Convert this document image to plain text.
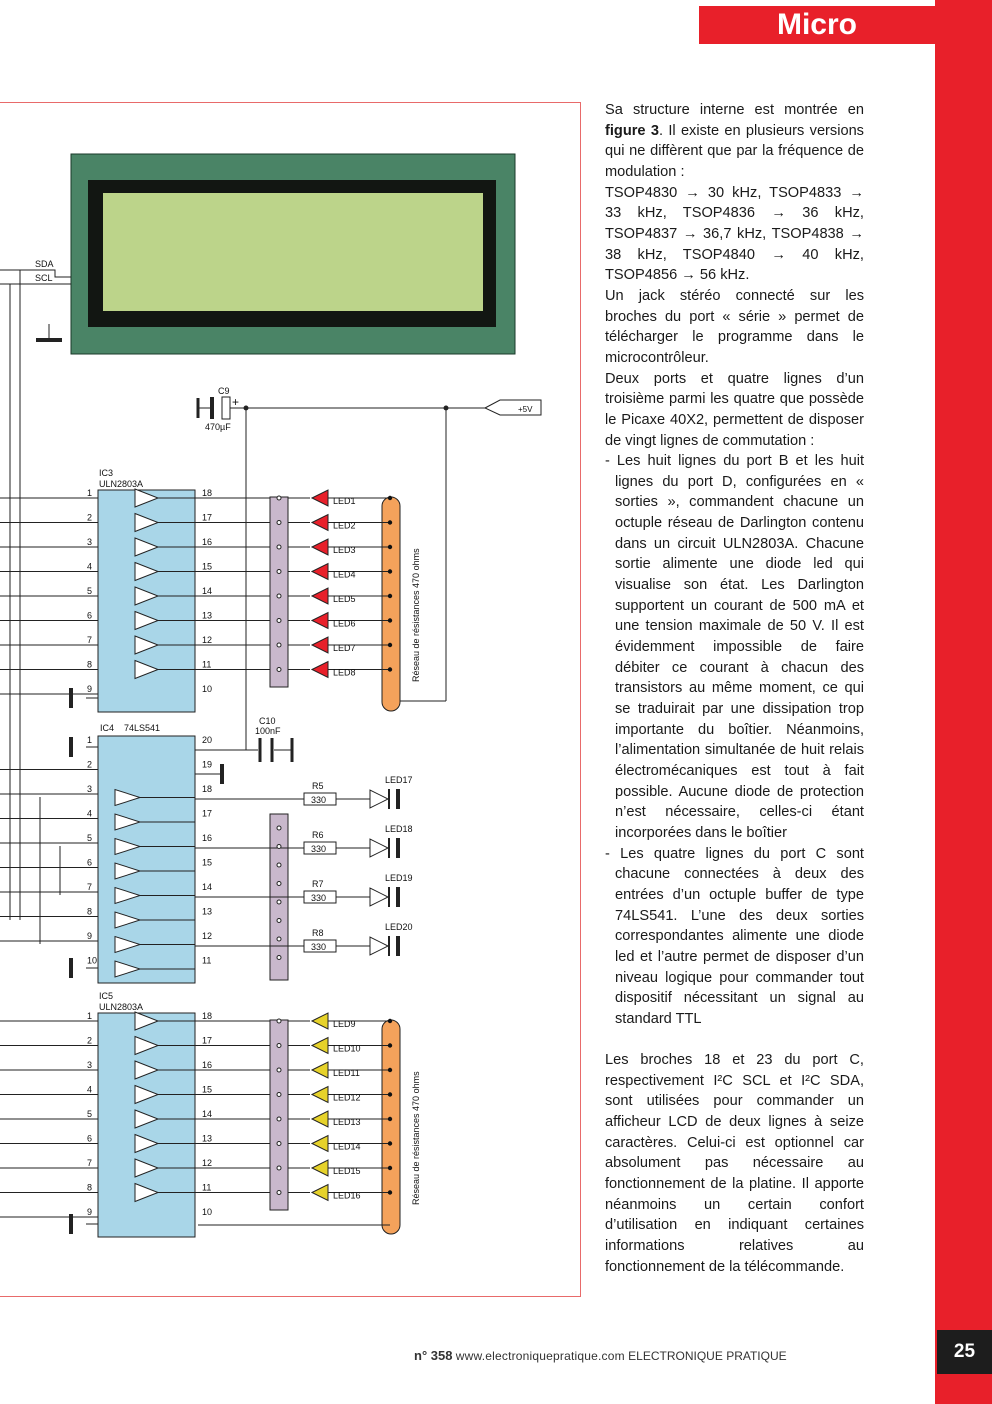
Micro
1	18
LED1
2	17
LED2
3	16
LED3
4	15
LED4
5	14
LED5
6	13
LED6
7	12
LED7
8	11
LED8
9	10
1	18
LED9
2	17
LED10
3	16
LED11
4	15
LED12
5	14
LED13
6	13
LED14
7	12
LED15
8	11
LED16
9	10
1	20
2	19
3	18
4	17
5	16
6	15
7	14
8	13
9	12
10	11
R5
330
LED17
R6
330
LED18
R7
330
LED19
R8
330
LED20
SDA
SCL
C9
+
470µF
+5V
IC3
ULN2803A
IC4 74LS541
IC5
ULN2803A
C10
100nF
Réseau de résistances 470 ohms
Réseau de résistances 470 ohms

Sa structure interne est montrée en figure 3. Il existe en plusieurs versions qui ne diffèrent que par la fréquence de modulation :

TSOP4830 → 30 kHz, TSOP4833 → 33 kHz, TSOP4836 → 36 kHz, TSOP4837 → 36,7 kHz, TSOP4838 → 38 kHz, TSOP4840 → 40 kHz, TSOP4856 → 56 kHz.

Un jack stéréo connecté sur les broches du port « série » permet de télécharger le programme dans le microcontrôleur.

Deux ports et quatre lignes d’un troisième parmi les quatre que possède le Picaxe 40X2, permettent de disposer de vingt lignes de commutation :

- Les huit lignes du port B et les huit lignes du port D, configurées en « sorties », commandent chacune un octuple réseau de Darlington contenu dans un circuit ULN2803A. Chacune sortie alimente une diode led qui visualise son état. Les Darlington supportent un courant de 500 mA et une tension maximale de 50 V. Il est évidemment impossible de faire débiter ce courant à chacun des transistors au même moment, ce qui se traduirait par une dissipation trop importante du boîtier. Néanmoins, l’alimentation simultanée de huit relais électromécaniques est tout à fait possible. Aucune diode de protection n’est nécessaire, celles-ci étant incorporées dans le boîtier

- Les quatre lignes du port C sont chacune connectées à deux des entrées d’un octuple buffer de type 74LS541. L’une des deux sorties correspondantes alimente une diode led et l’autre permet de disposer d’un niveau logique pour commander tout dispositif nécessitant un signal au standard TTL

Les broches 18 et 23 du port C, respectivement I²C SCL et I²C SDA, sont utilisées pour commander un afficheur LCD de deux lignes à seize caractères. Celui-ci est optionnel car absolument pas nécessaire au fonctionnement de la platine. Il apporte néanmoins un certain confort d’utilisation en indiquant certaines informations relatives au fonctionnement de la télécommande.

n° 358 www.electroniquepratique.com ELECTRONIQUE PRATIQUE	25
